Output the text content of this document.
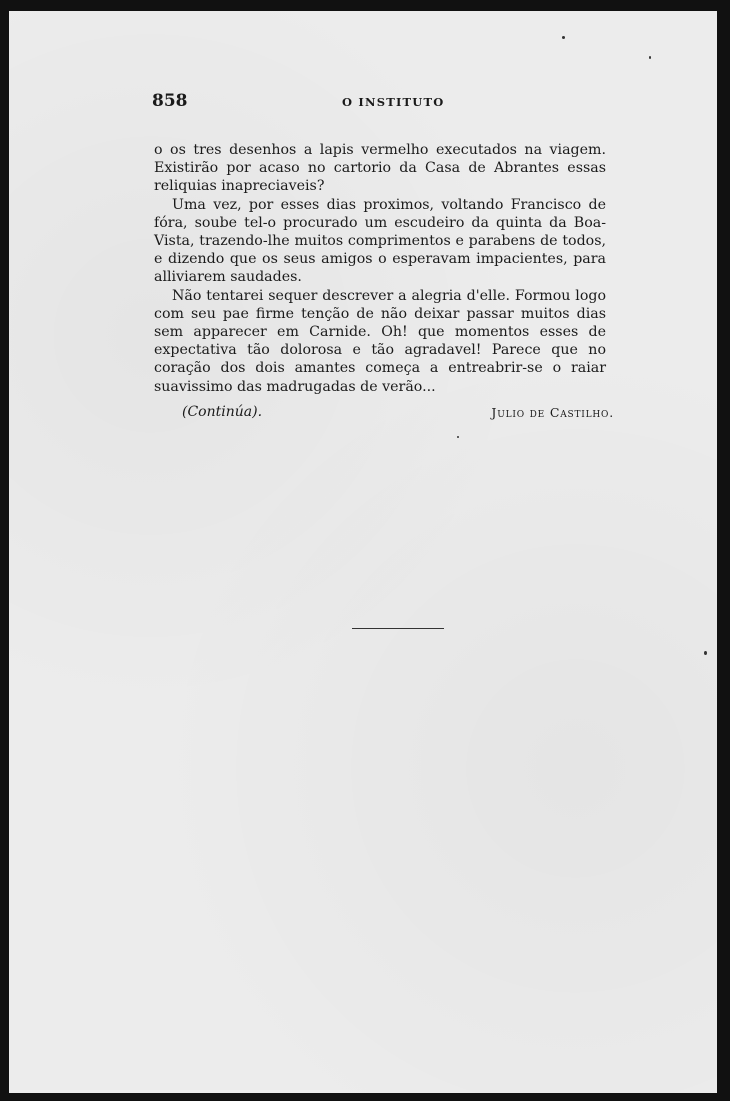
858	O INSTITUTO

o os tres desenhos a lapis vermelho executados na viagem. Existirão por acaso no cartorio da Casa de Abrantes essas reliquias inapreciaveis?

Uma vez, por esses dias proximos, voltando Francisco de fóra, soube tel-o procurado um escudeiro da quinta da Boa-Vista, trazendo-lhe muitos comprimentos e parabens de todos, e dizendo que os seus amigos o esperavam impacientes, para alliviarem saudades.

Não tentarei sequer descrever a alegria d'elle. Formou logo com seu pae firme tenção de não deixar passar muitos dias sem apparecer em Carnide. Oh! que momentos esses de expectativa tão dolorosa e tão agradavel! Parece que no coração dos dois amantes começa a entreabrir-se o raiar suavissimo das madrugadas de verão...

(Continúa).	Julio de Castilho.
